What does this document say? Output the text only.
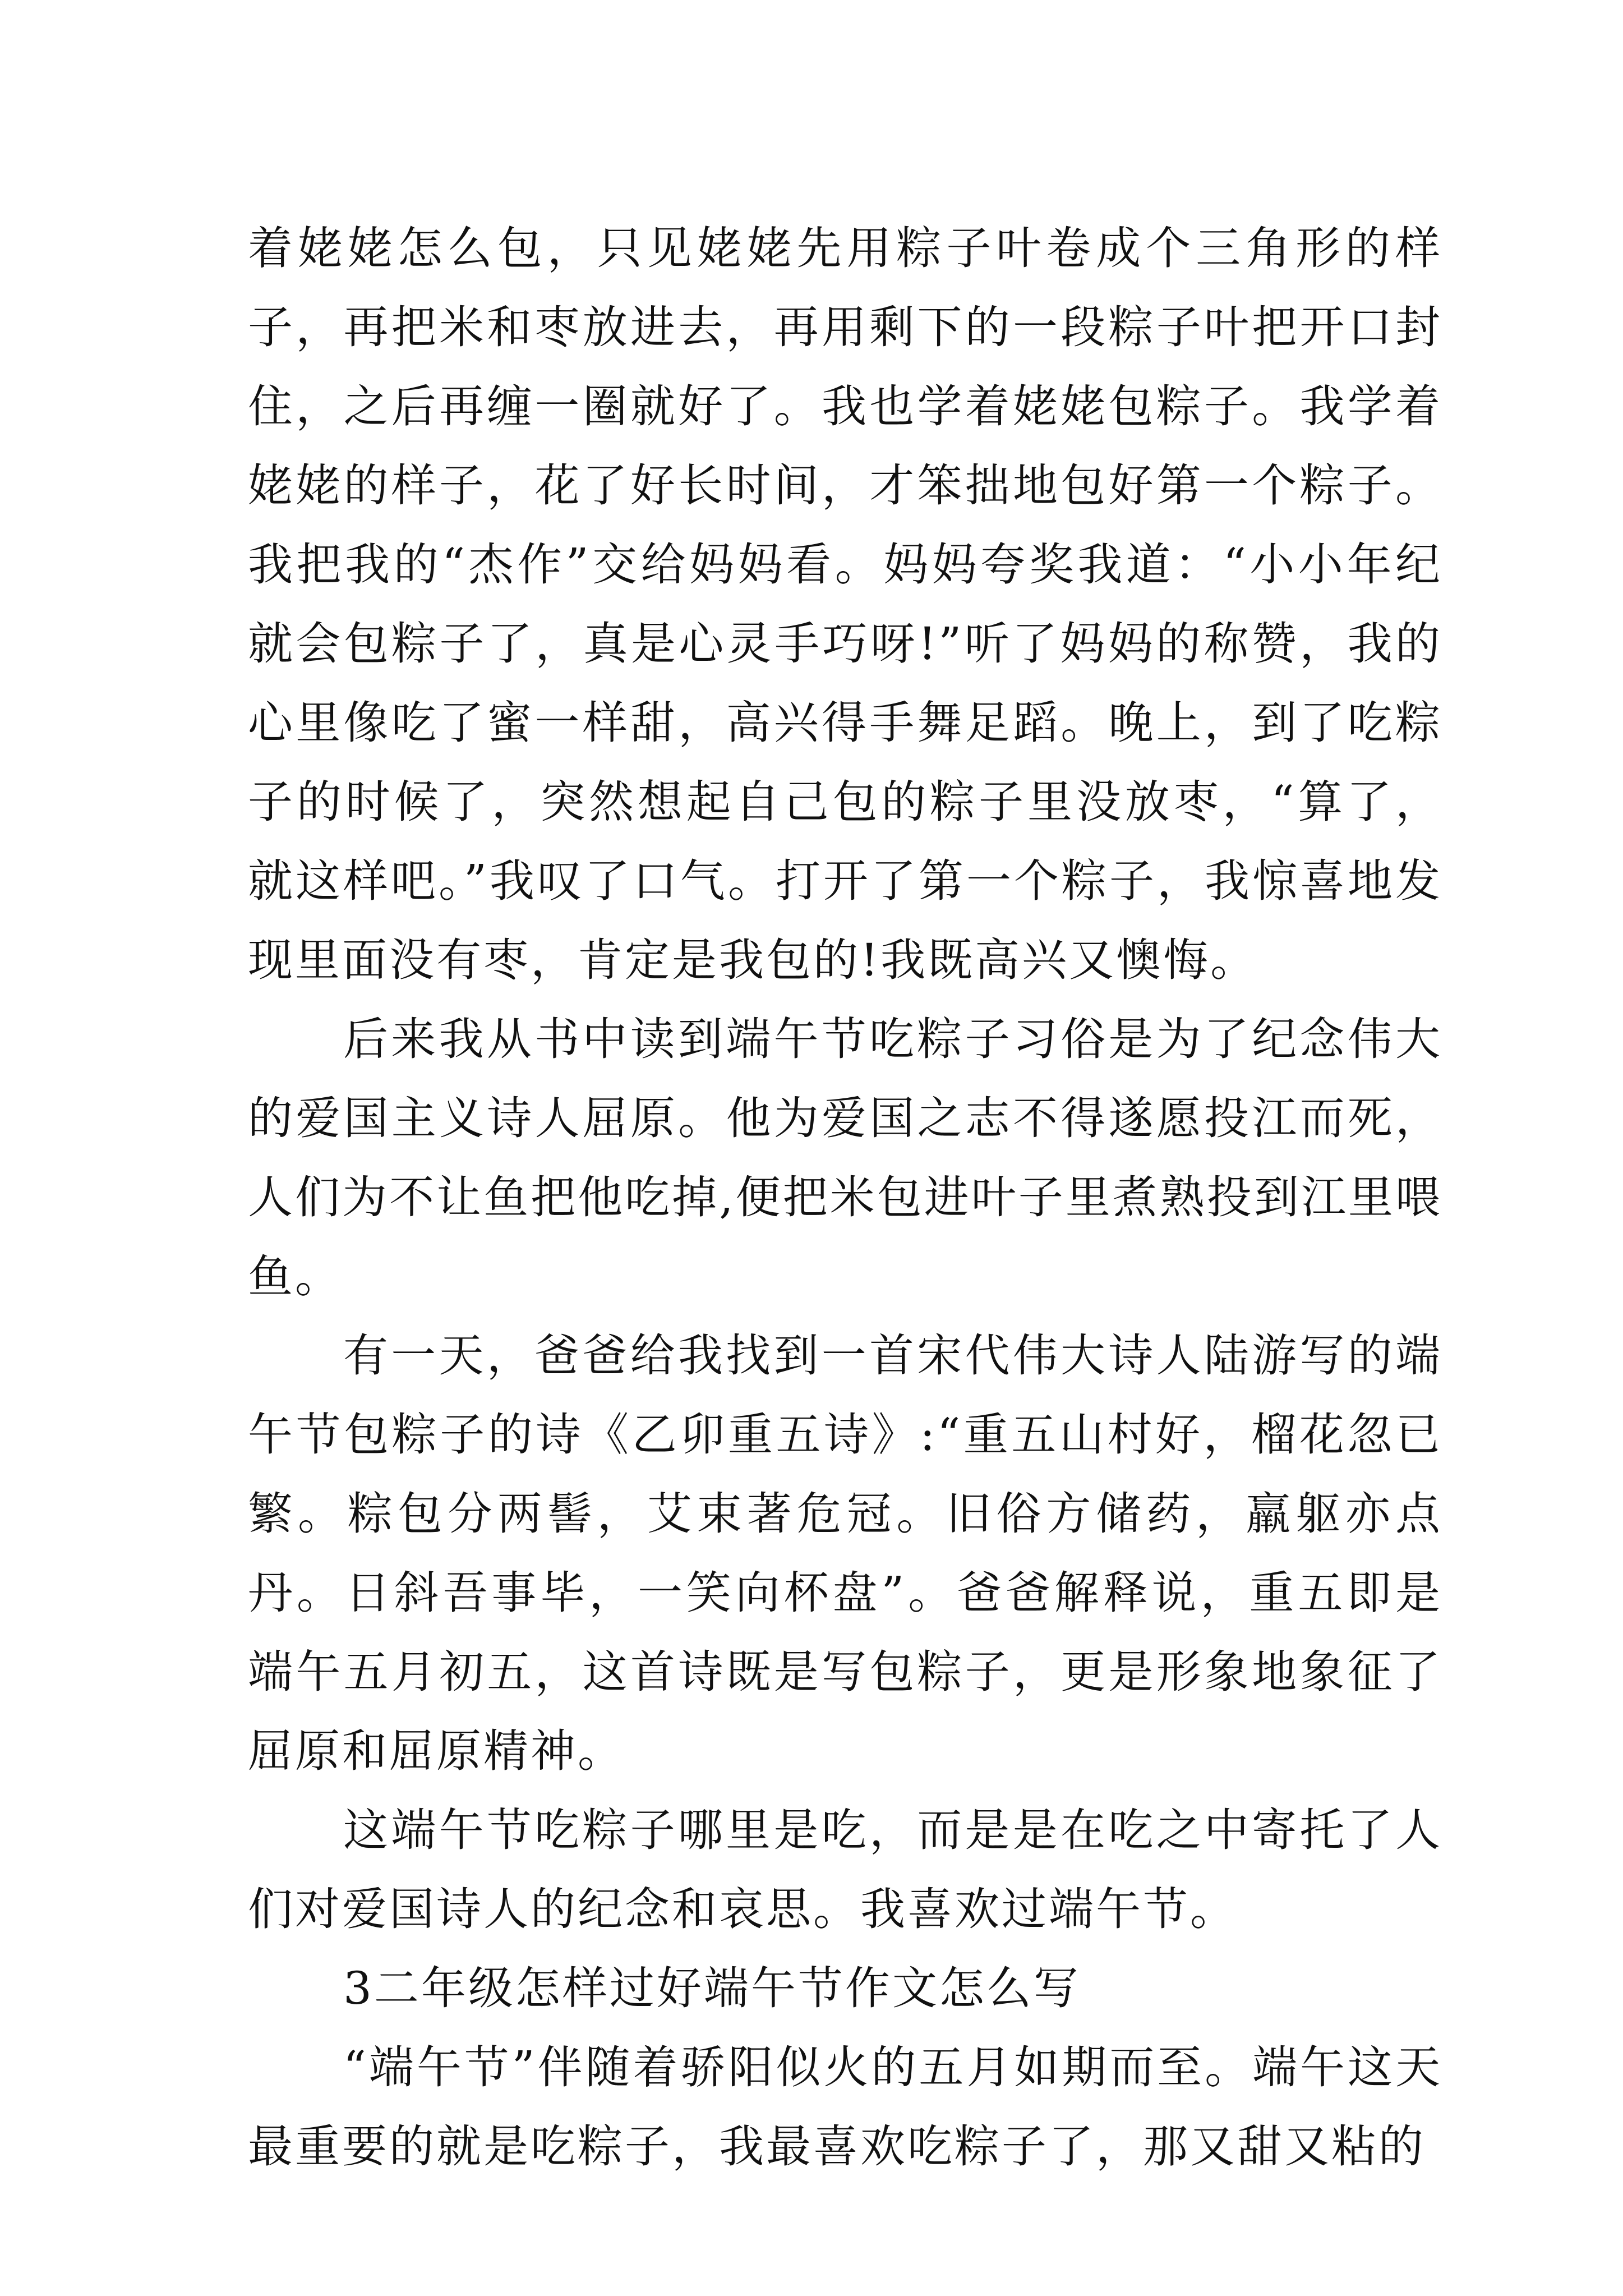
着姥姥怎么包，只见姥姥先用粽子叶卷成个三角形的样子，再把米和枣放进去，再用剩下的一段粽子叶把开口封住，之后再缠一圈就好了。我也学着姥姥包粽子。我学着姥姥的样子，花了好长时间，才笨拙地包好第一个粽子。我把我的“杰作”交给妈妈看。妈妈夸奖我道：“小小年纪就会包粽子了，真是心灵手巧呀!”听了妈妈的称赞，我的心里像吃了蜜一样甜，高兴得手舞足蹈。晚上，到了吃粽子的时候了，突然想起自己包的粽子里没放枣，“算了，就这样吧。”我叹了口气。打开了第一个粽子，我惊喜地发现里面没有枣，肯定是我包的!我既高兴又懊悔。

后来我从书中读到端午节吃粽子习俗是为了纪念伟大的爱国主义诗人屈原。他为爱国之志不得遂愿投江而死，人们为不让鱼把他吃掉,便把米包进叶子里煮熟投到江里喂鱼。

有一天，爸爸给我找到一首宋代伟大诗人陆游写的端午节包粽子的诗《乙卯重五诗》:“重五山村好，榴花忽已繁。粽包分两髻，艾束著危冠。旧俗方储药，羸躯亦点丹。日斜吾事毕，一笑向杯盘”。爸爸解释说，重五即是端午五月初五，这首诗既是写包粽子，更是形象地象征了屈原和屈原精神。

这端午节吃粽子哪里是吃，而是是在吃之中寄托了人们对爱国诗人的纪念和哀思。我喜欢过端午节。

3二年级怎样过好端午节作文怎么写

“端午节”伴随着骄阳似火的五月如期而至。端午这天最重要的就是吃粽子，我最喜欢吃粽子了，那又甜又粘的
